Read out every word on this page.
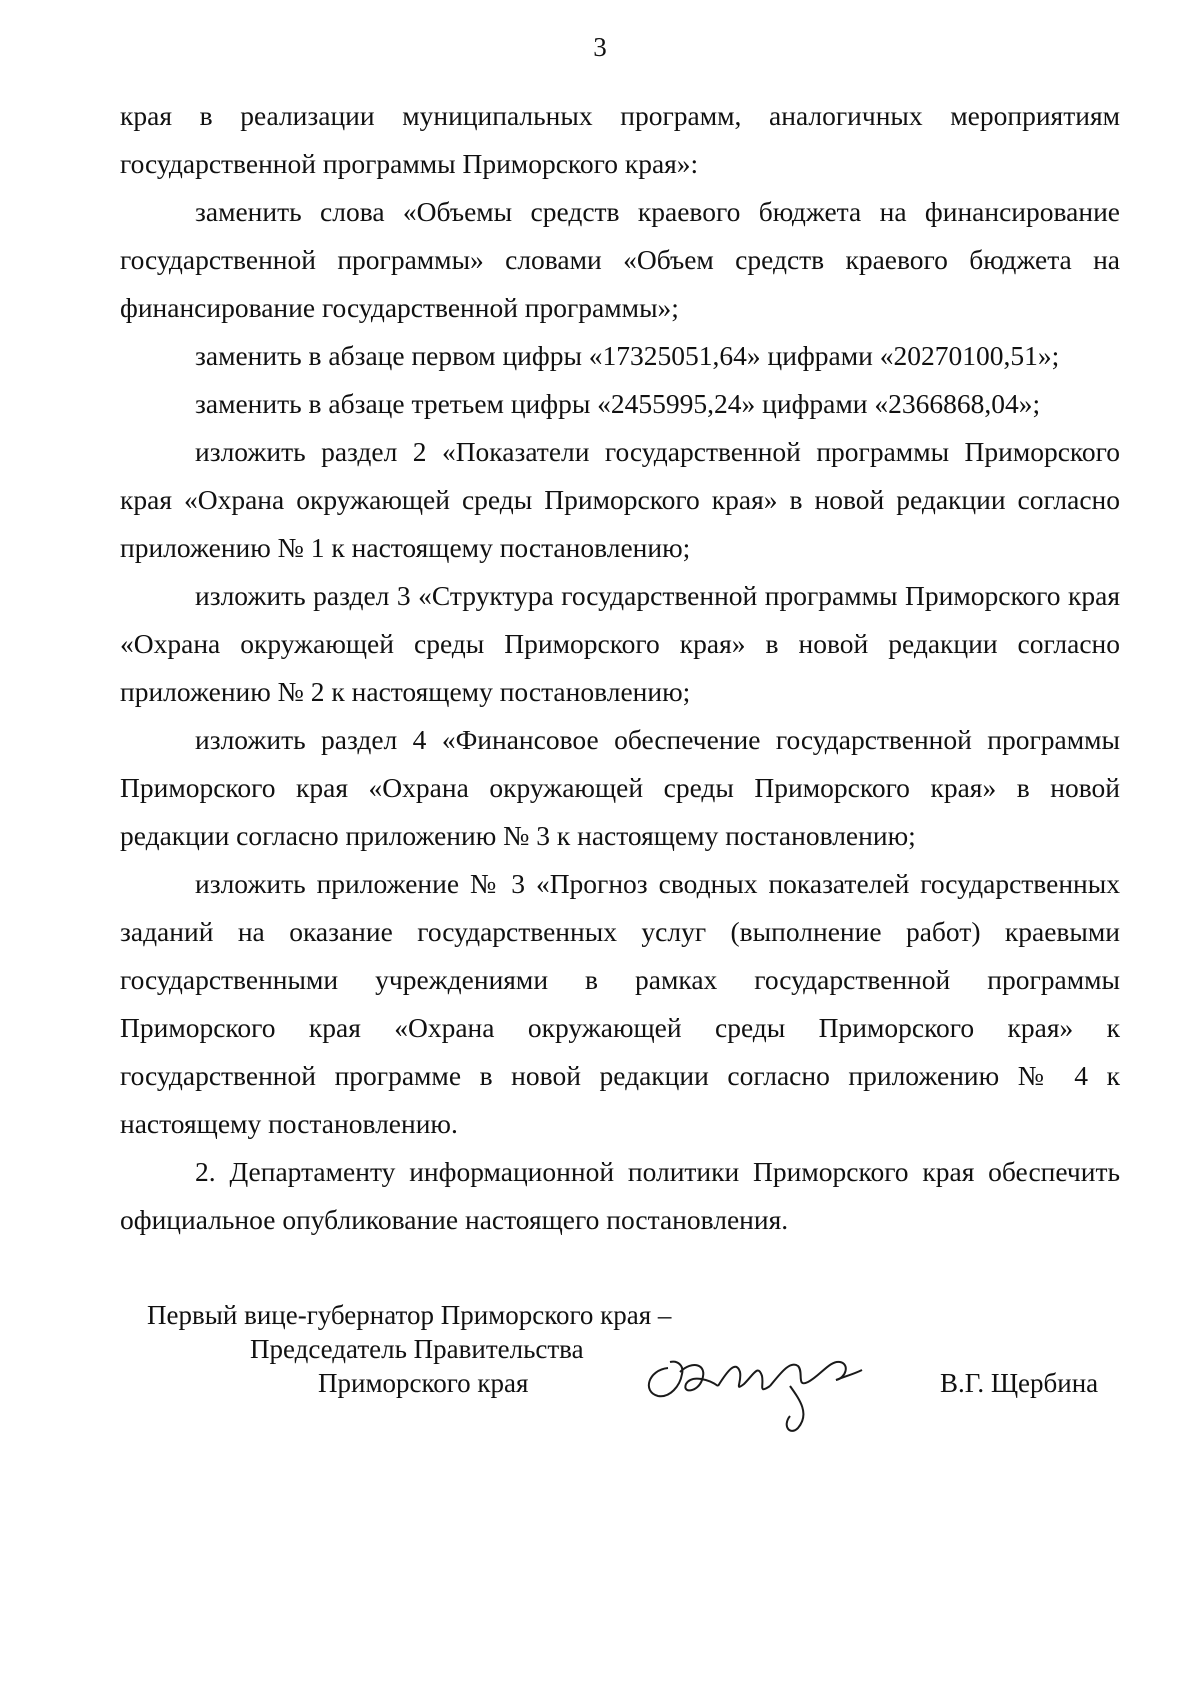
3

края в реализации муниципальных программ, аналогичных мероприятиям государственной программы Приморского края»:

заменить слова «Объемы средств краевого бюджета на финансирование государственной программы» словами «Объем средств краевого бюджета на финансирование государственной программы»;

заменить в абзаце первом цифры «17325051,64» цифрами «20270100,51»;

заменить в абзаце третьем цифры «2455995,24» цифрами «2366868,04»;

изложить раздел 2 «Показатели государственной программы Приморского края «Охрана окружающей среды Приморского края» в новой редакции согласно приложению № 1 к настоящему постановлению;

изложить раздел 3 «Структура государственной программы Приморского края «Охрана окружающей среды Приморского края» в новой редакции согласно приложению № 2 к настоящему постановлению;

изложить раздел 4 «Финансовое обеспечение государственной программы Приморского края «Охрана окружающей среды Приморского края» в новой редакции согласно приложению № 3 к настоящему постановлению;

изложить приложение № 3 «Прогноз сводных показателей государственных заданий на оказание государственных услуг (выполнение работ) краевыми государственными учреждениями в рамках государственной программы Приморского края «Охрана окружающей среды Приморского края» к государственной программе в новой редакции согласно приложению № 4 к настоящему постановлению.

2. Департаменту информационной политики Приморского края обеспечить официальное опубликование настоящего постановления.

Первый вице-губернатор Приморского края –
Председатель Правительства
Приморского края	В.Г. Щербина
